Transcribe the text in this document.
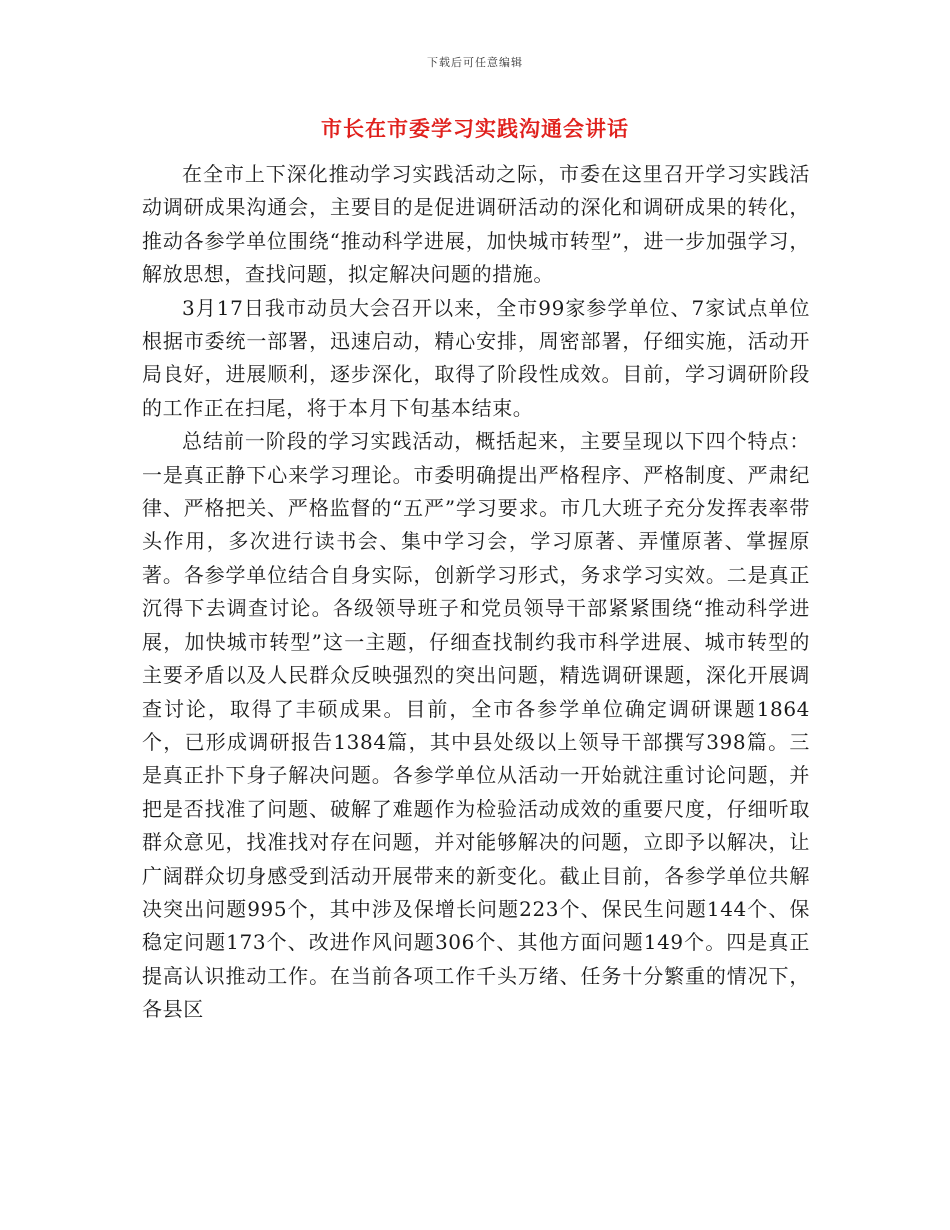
下载后可任意编辑
市长在市委学习实践沟通会讲话

在全市上下深化推动学习实践活动之际，市委在这里召开学习实践活动调研成果沟通会，主要目的是促进调研活动的深化和调研成果的转化，推动各参学单位围绕“推动科学进展，加快城市转型”，进一步加强学习，解放思想，查找问题，拟定解决问题的措施。

3月17日我市动员大会召开以来，全市99家参学单位、7家试点单位根据市委统一部署，迅速启动，精心安排，周密部署，仔细实施，活动开局良好，进展顺利，逐步深化，取得了阶段性成效。目前，学习调研阶段的工作正在扫尾，将于本月下旬基本结束。

总结前一阶段的学习实践活动，概括起来，主要呈现以下四个特点：一是真正静下心来学习理论。市委明确提出严格程序、严格制度、严肃纪律、严格把关、严格监督的“五严”学习要求。市几大班子充分发挥表率带头作用，多次进行读书会、集中学习会，学习原著、弄懂原著、掌握原著。各参学单位结合自身实际，创新学习形式，务求学习实效。二是真正沉得下去调查讨论。各级领导班子和党员领导干部紧紧围绕“推动科学进展，加快城市转型”这一主题，仔细查找制约我市科学进展、城市转型的主要矛盾以及人民群众反映强烈的突出问题，精选调研课题，深化开展调查讨论，取得了丰硕成果。目前，全市各参学单位确定调研课题1864个，已形成调研报告1384篇，其中县处级以上领导干部撰写398篇。三是真正扑下身子解决问题。各参学单位从活动一开始就注重讨论问题，并把是否找准了问题、破解了难题作为检验活动成效的重要尺度，仔细听取群众意见，找准找对存在问题，并对能够解决的问题，立即予以解决，让广阔群众切身感受到活动开展带来的新变化。截止目前，各参学单位共解决突出问题995个，其中涉及保增长问题223个、保民生问题144个、保稳定问题173个、改进作风问题306个、其他方面问题149个。四是真正提高认识推动工作。在当前各项工作千头万绪、任务十分繁重的情况下，各县区
